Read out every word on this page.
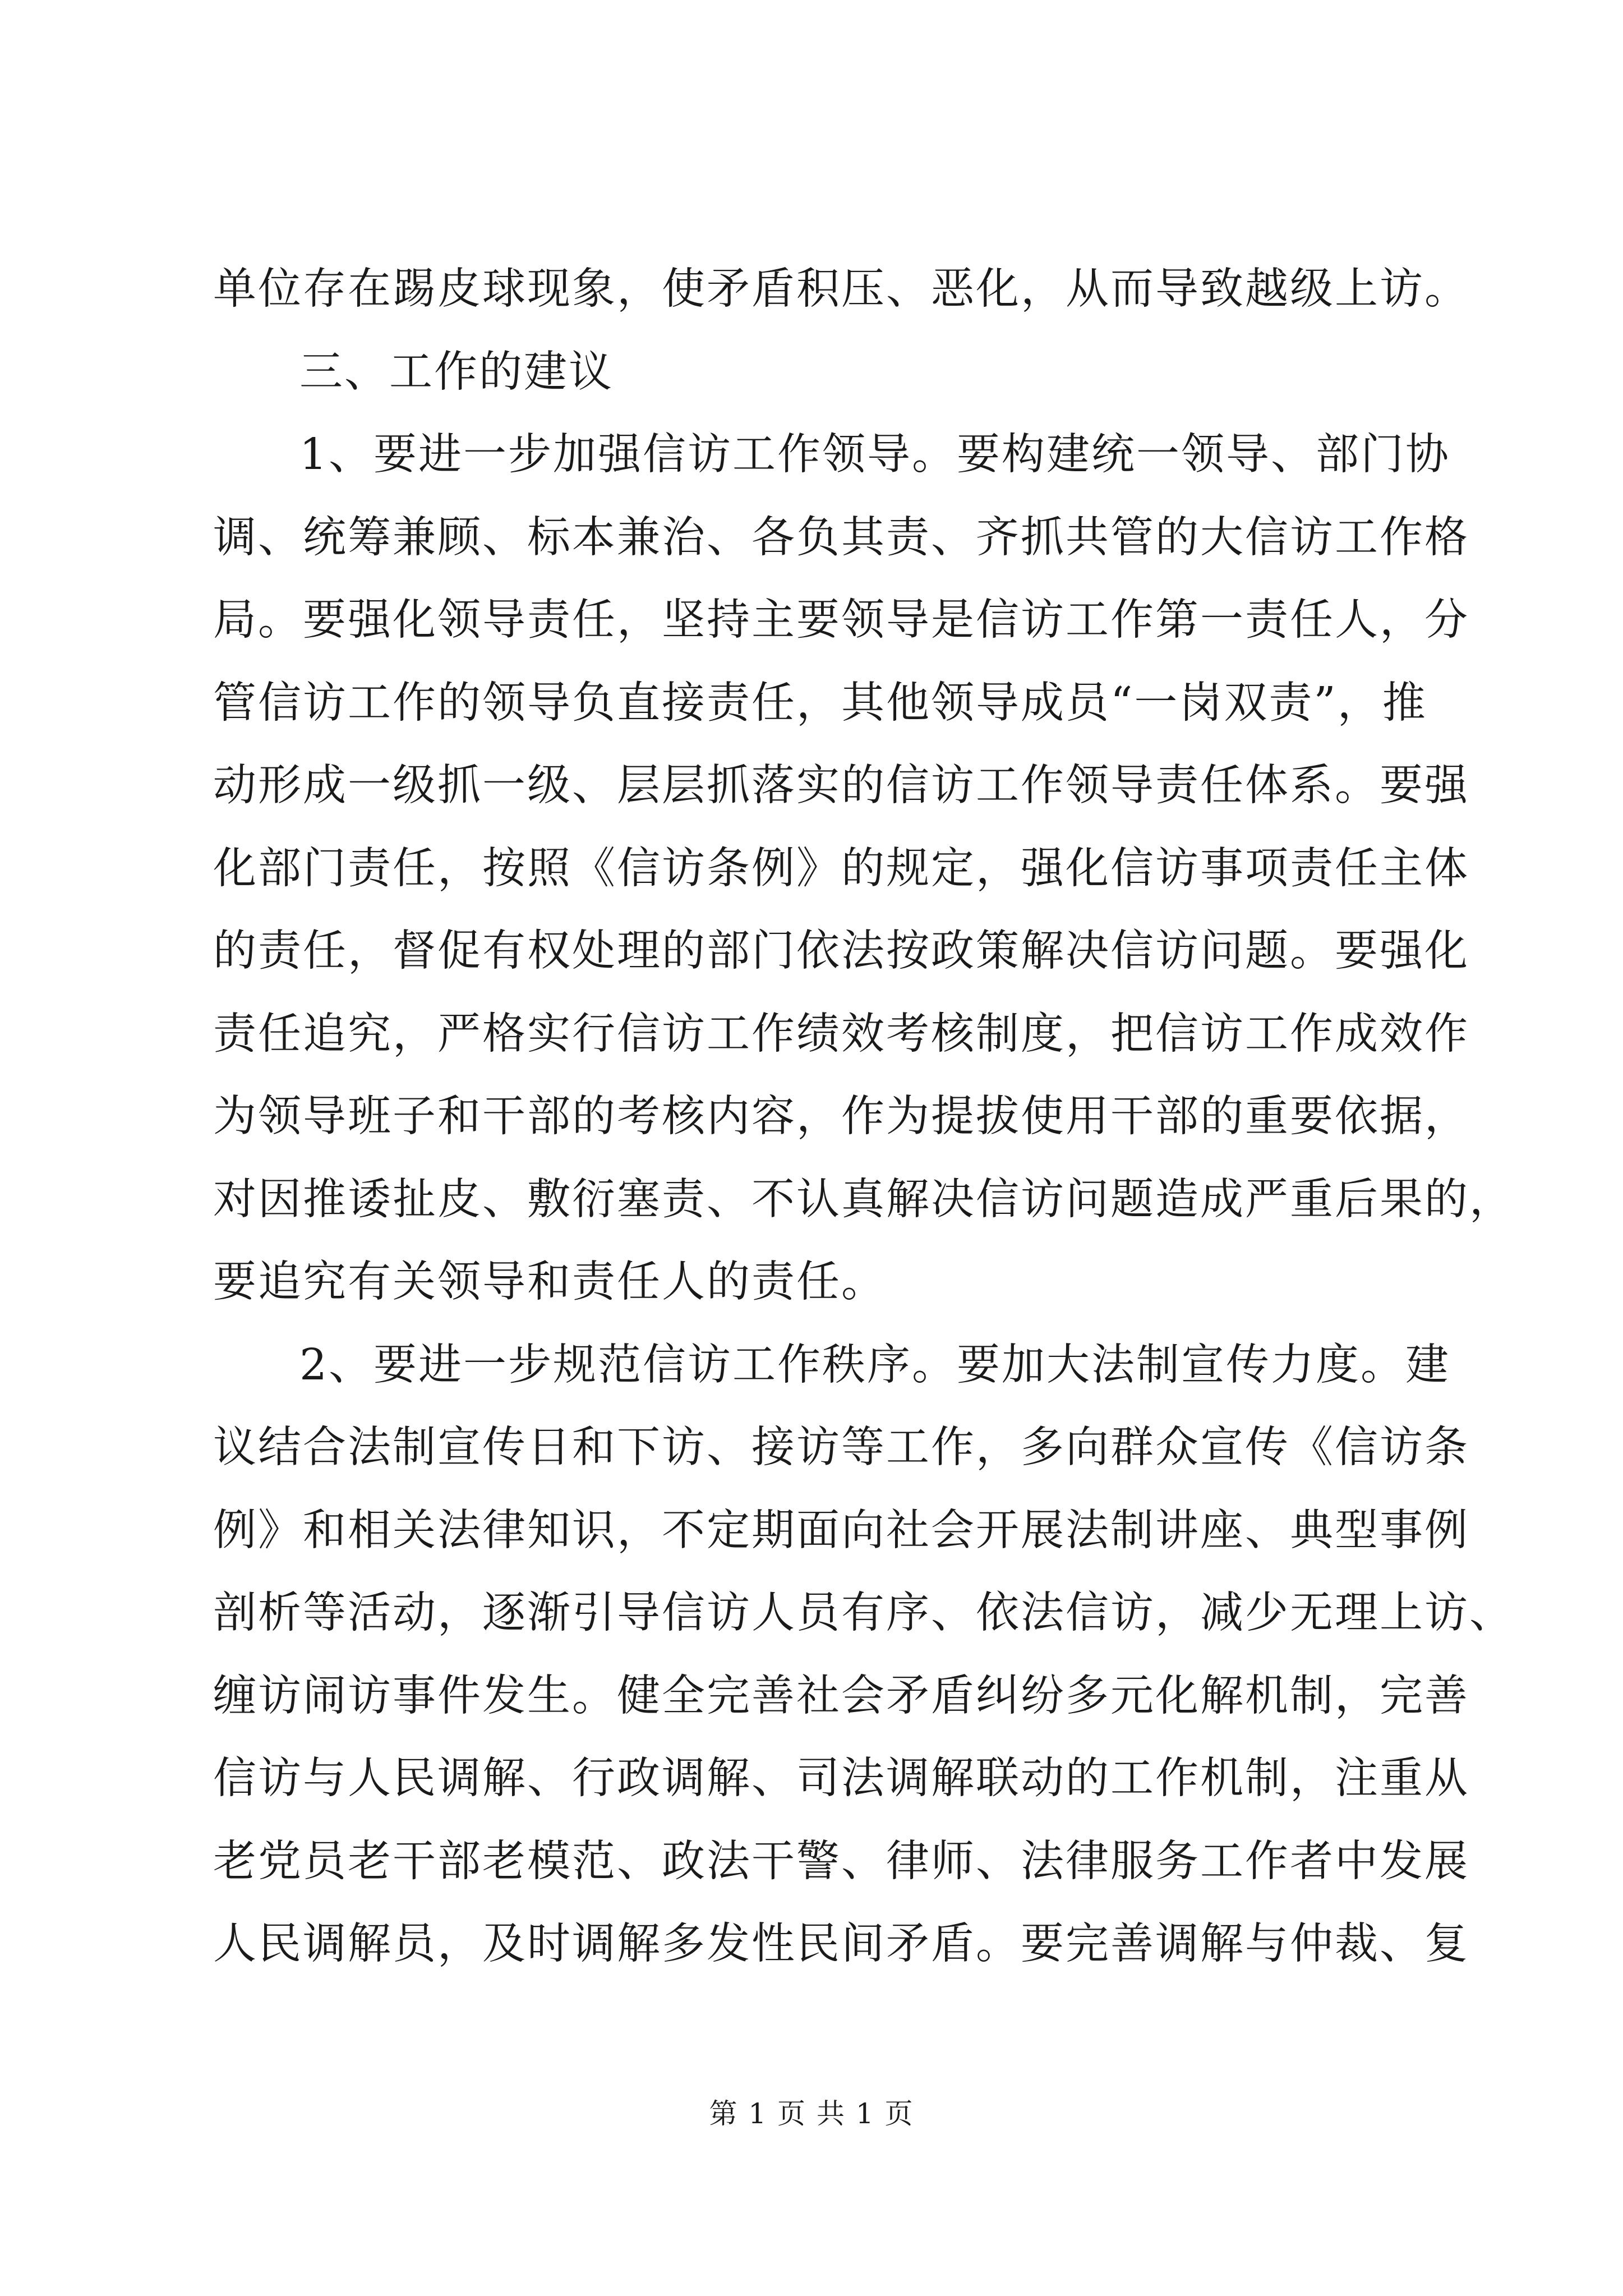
单位存在踢皮球现象，使矛盾积压、恶化，从而导致越级上访。
三、工作的建议
1、要进一步加强信访工作领导。要构建统一领导、部门协
调、统筹兼顾、标本兼治、各负其责、齐抓共管的大信访工作格
局。要强化领导责任，坚持主要领导是信访工作第一责任人，分
管信访工作的领导负直接责任，其他领导成员“一岗双责”，推
动形成一级抓一级、层层抓落实的信访工作领导责任体系。要强
化部门责任，按照《信访条例》的规定，强化信访事项责任主体
的责任，督促有权处理的部门依法按政策解决信访问题。要强化
责任追究，严格实行信访工作绩效考核制度，把信访工作成效作
为领导班子和干部的考核内容，作为提拔使用干部的重要依据，
对因推诿扯皮、敷衍塞责、不认真解决信访问题造成严重后果的，
要追究有关领导和责任人的责任。
2、要进一步规范信访工作秩序。要加大法制宣传力度。建
议结合法制宣传日和下访、接访等工作，多向群众宣传《信访条
例》和相关法律知识，不定期面向社会开展法制讲座、典型事例
剖析等活动，逐渐引导信访人员有序、依法信访，减少无理上访、
缠访闹访事件发生。健全完善社会矛盾纠纷多元化解机制，完善
信访与人民调解、行政调解、司法调解联动的工作机制，注重从
老党员老干部老模范、政法干警、律师、法律服务工作者中发展
人民调解员，及时调解多发性民间矛盾。要完善调解与仲裁、复
第 1 页 共 1 页
